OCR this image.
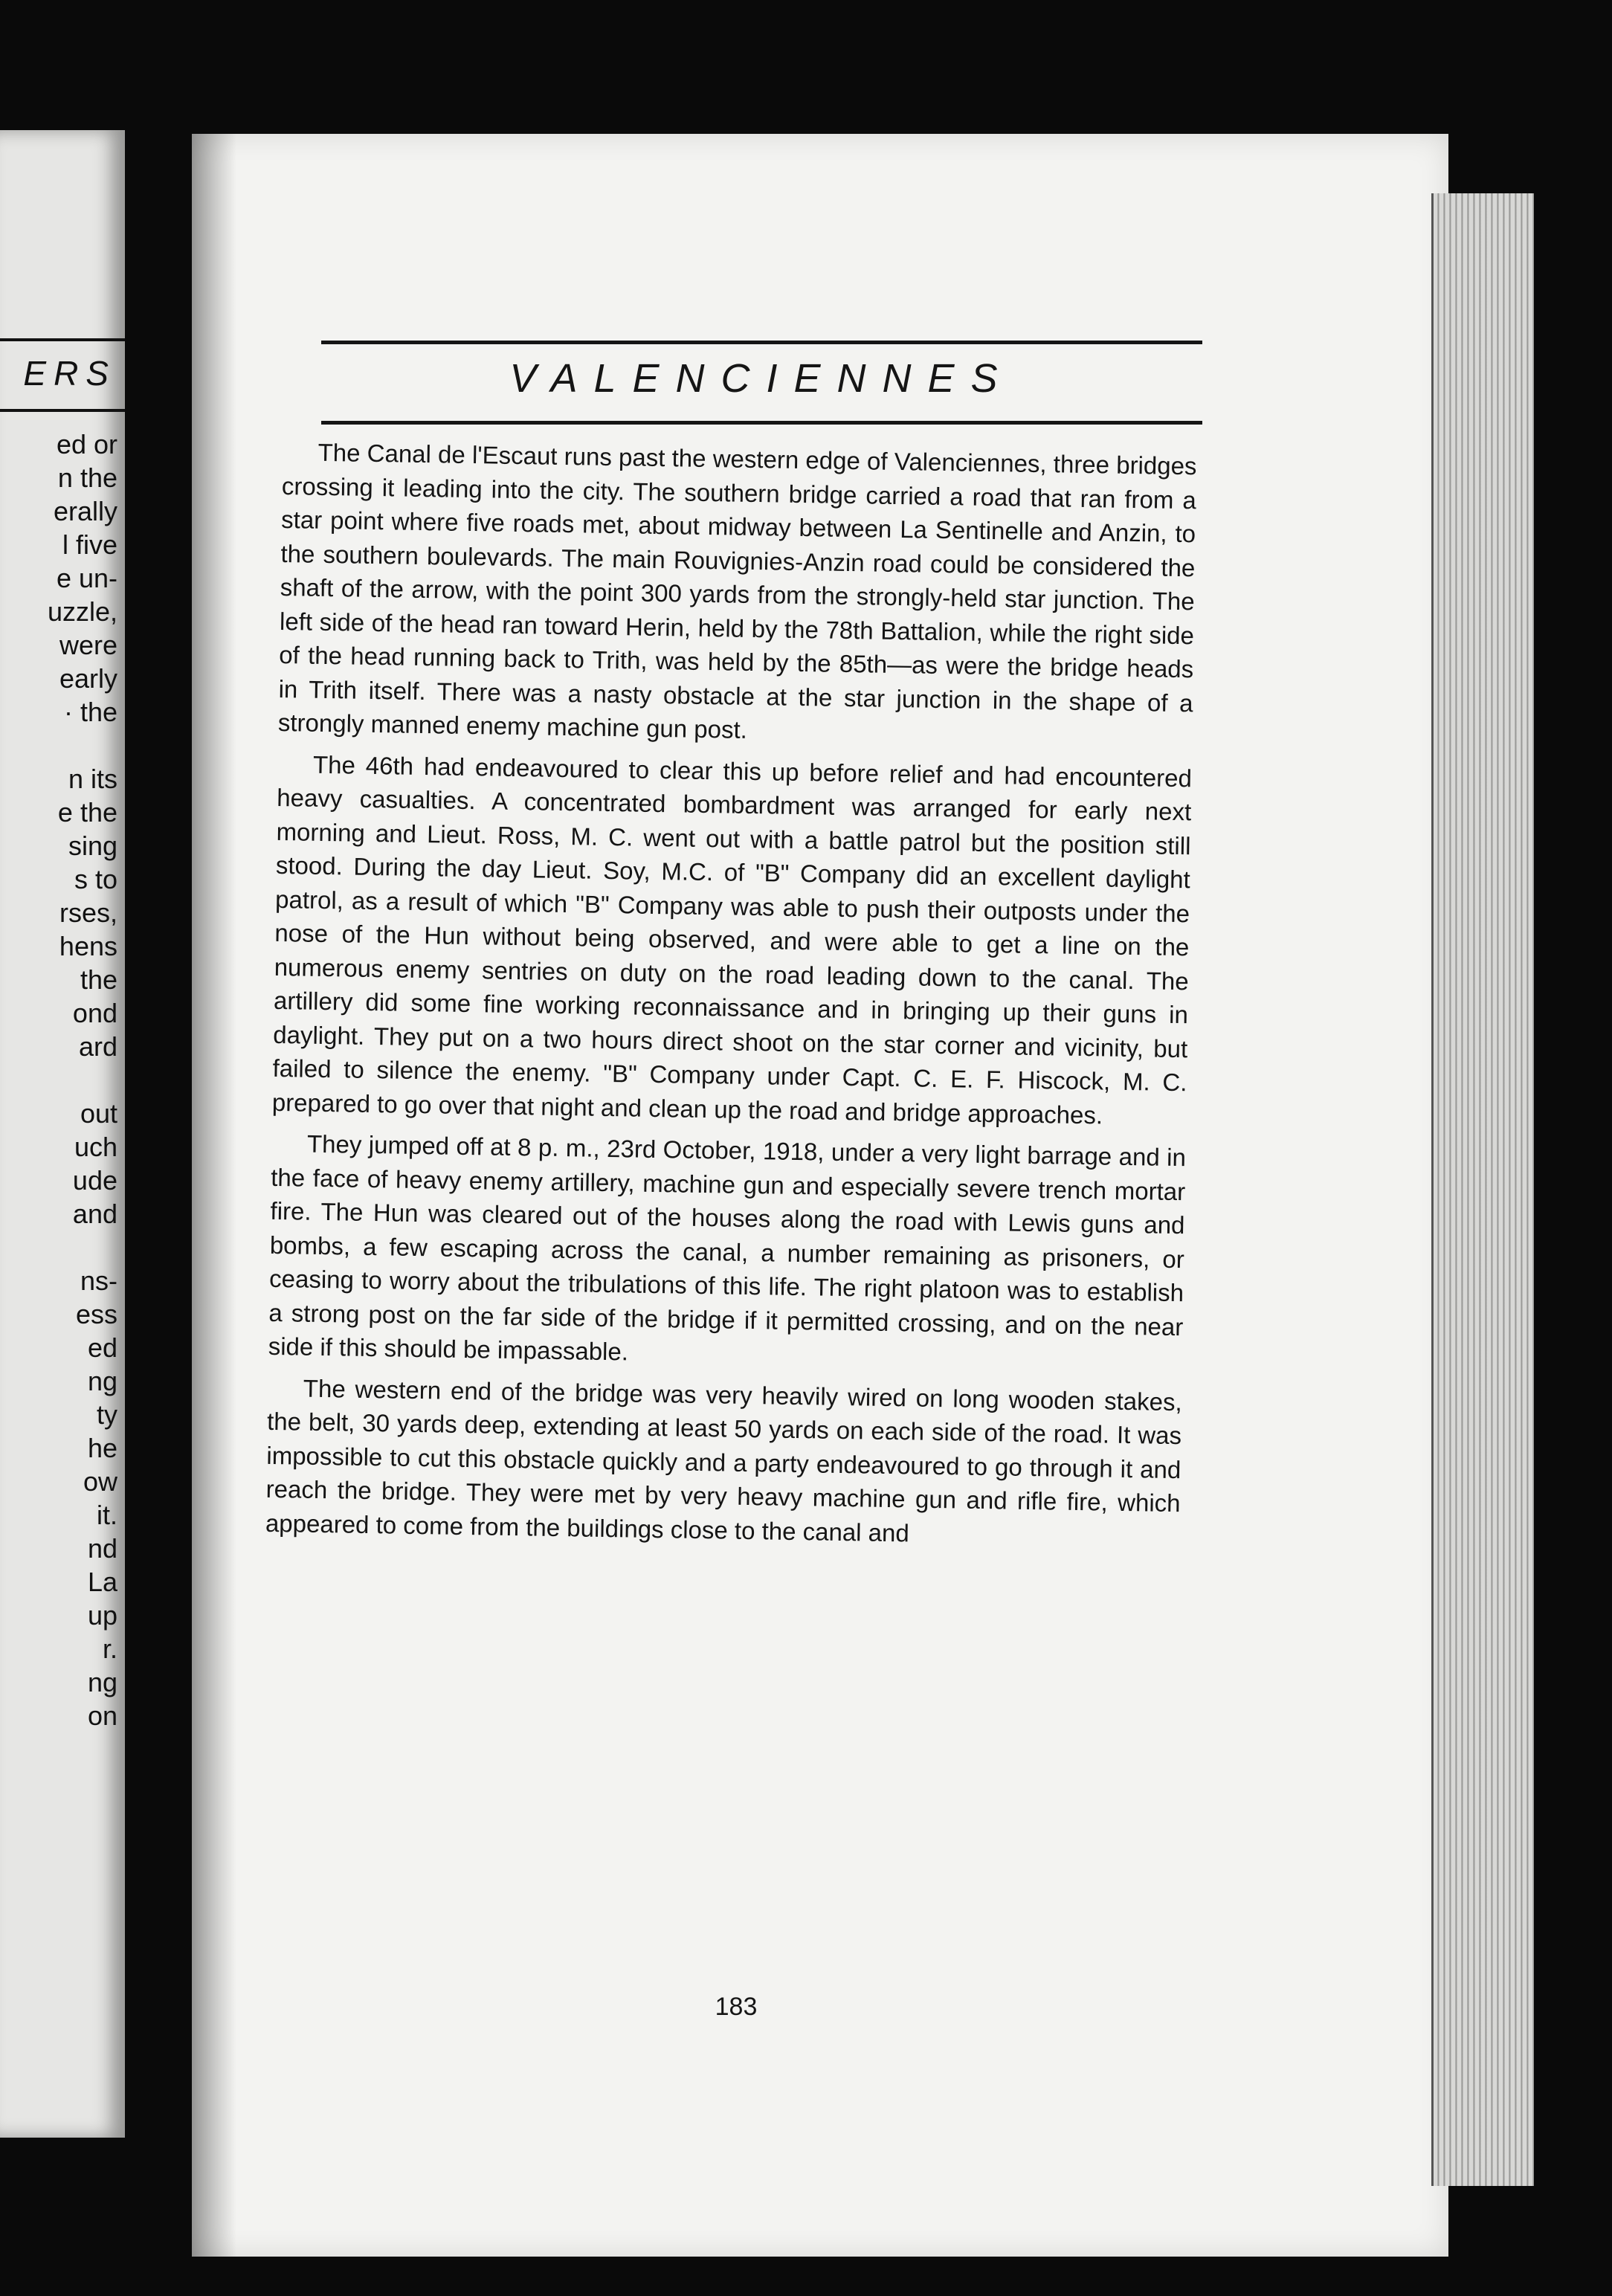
ERS
ed or
n the
erally
l five
e un-
uzzle,
were
early
· the
n its
e the
sing
s to
rses,
hens
the
ond
ard
out
uch
ude
and
ns-
ess
ed
ng
ty
he
ow
it.
nd
La
up
r.
ng
on
VALENCIENNES

The Canal de l'Escaut runs past the western edge of Valenciennes, three bridges crossing it leading into the city. The southern bridge carried a road that ran from a star point where five roads met, about midway between La Sentinelle and Anzin, to the southern boulevards. The main Rouvignies-Anzin road could be considered the shaft of the arrow, with the point 300 yards from the strongly-held star junction. The left side of the head ran toward Herin, held by the 78th Battalion, while the right side of the head running back to Trith, was held by the 85th—as were the bridge heads in Trith itself. There was a nasty obstacle at the star junction in the shape of a strongly manned enemy machine gun post.

The 46th had endeavoured to clear this up before relief and had encountered heavy casualties. A concentrated bombardment was arranged for early next morning and Lieut. Ross, M. C. went out with a battle patrol but the position still stood. During the day Lieut. Soy, M.C. of "B" Company did an excellent daylight patrol, as a result of which "B" Company was able to push their outposts under the nose of the Hun without being observed, and were able to get a line on the numerous enemy sentries on duty on the road leading down to the canal. The artillery did some fine working reconnaissance and in bringing up their guns in daylight. They put on a two hours direct shoot on the star corner and vicinity, but failed to silence the enemy. "B" Company under Capt. C. E. F. Hiscock, M. C. prepared to go over that night and clean up the road and bridge approaches.

They jumped off at 8 p. m., 23rd October, 1918, under a very light barrage and in the face of heavy enemy artillery, machine gun and especially severe trench mortar fire. The Hun was cleared out of the houses along the road with Lewis guns and bombs, a few escaping across the canal, a number remaining as prisoners, or ceasing to worry about the tribulations of this life. The right platoon was to establish a strong post on the far side of the bridge if it permitted crossing, and on the near side if this should be impassable.

The western end of the bridge was very heavily wired on long wooden stakes, the belt, 30 yards deep, extending at least 50 yards on each side of the road. It was impossible to cut this obstacle quickly and a party endeavoured to go through it and reach the bridge. They were met by very heavy machine gun and rifle fire, which appeared to come from the buildings close to the canal and

183
